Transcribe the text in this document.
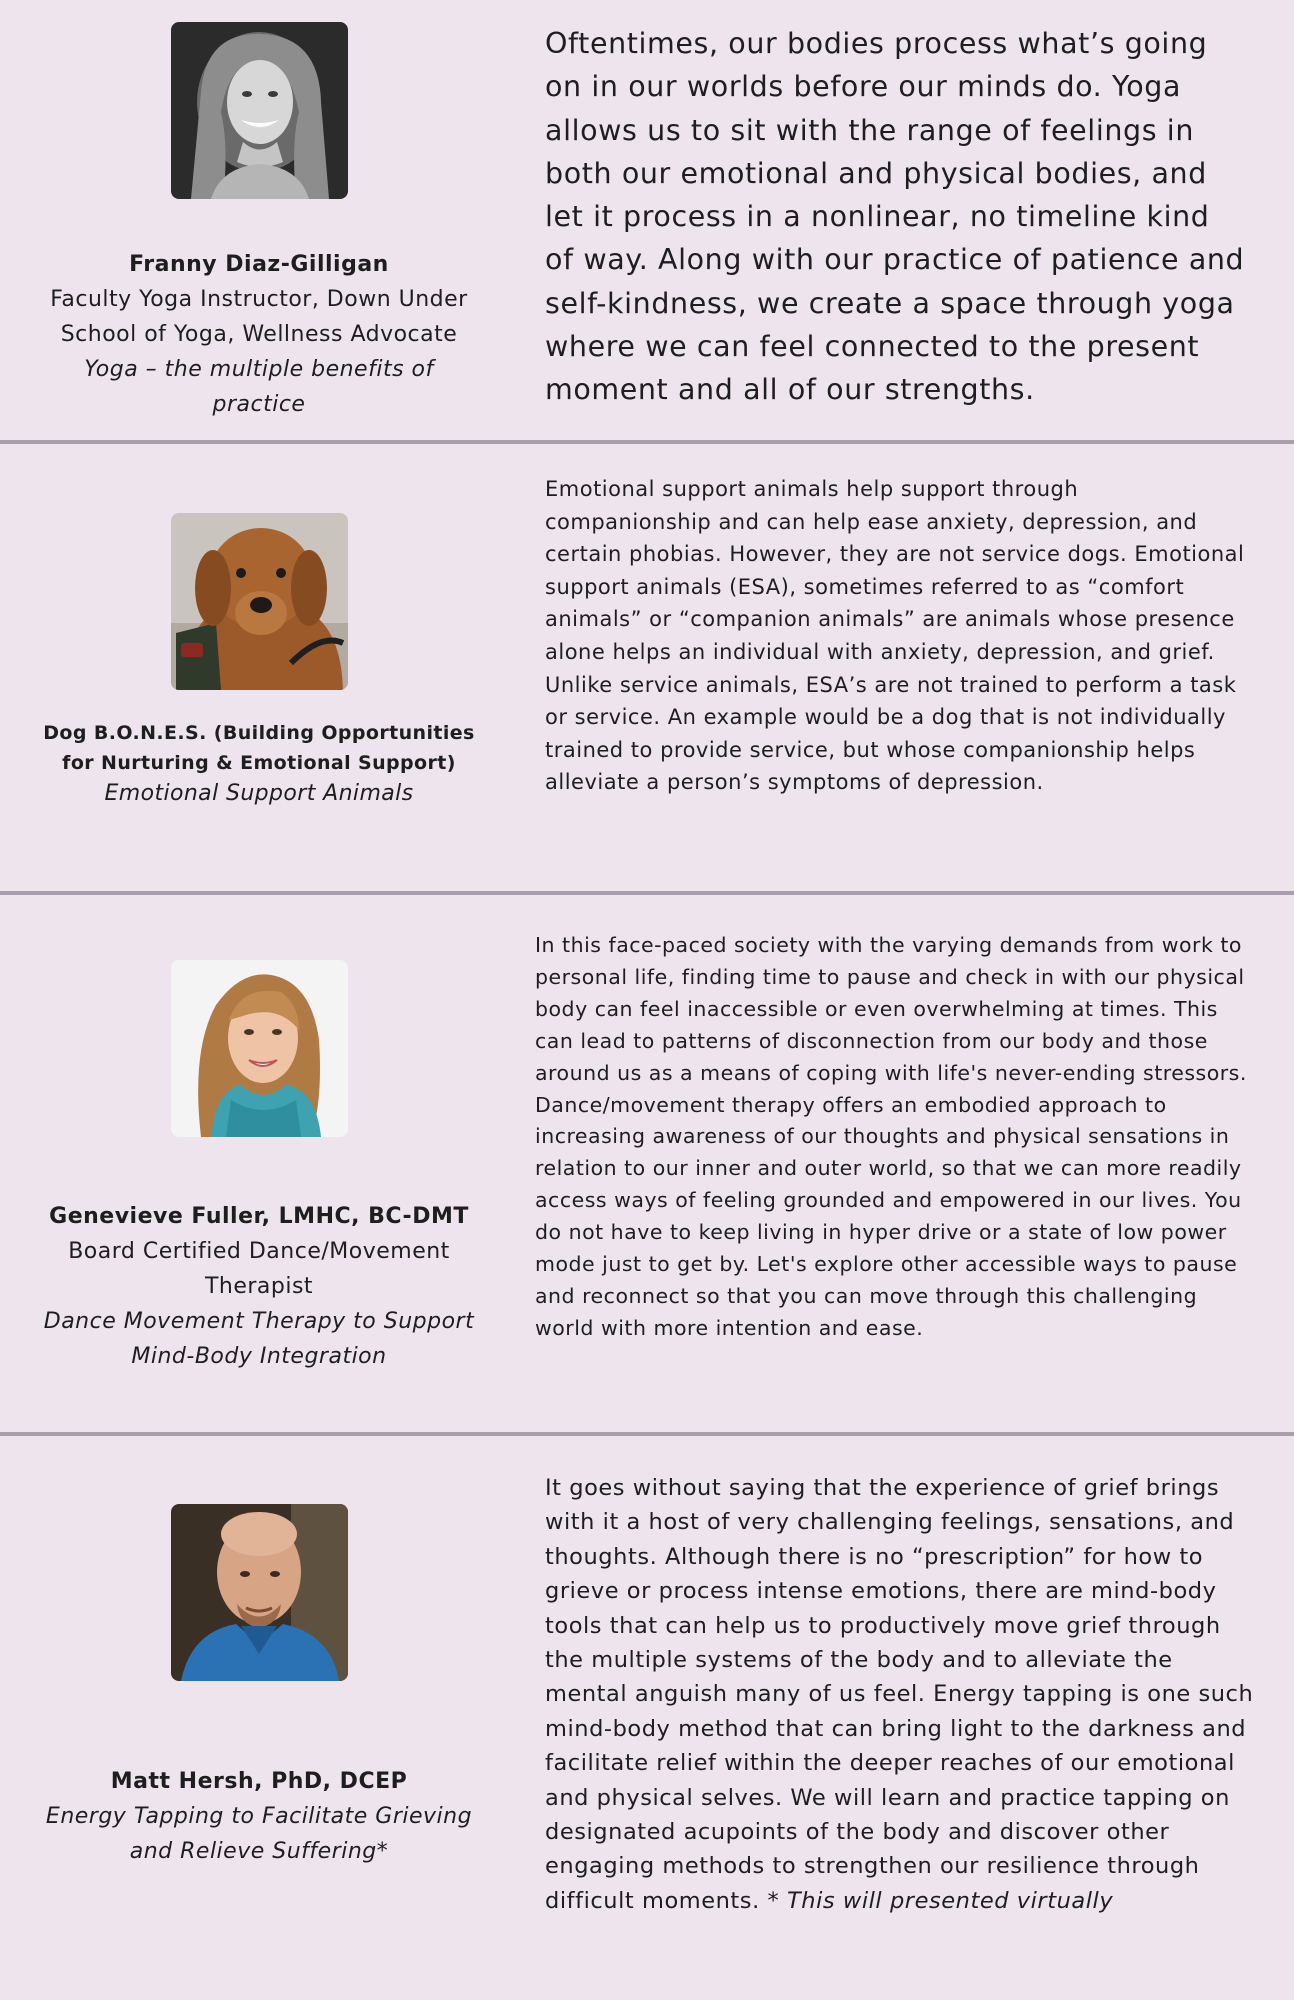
Franny Diaz-Gilligan
Faculty Yoga Instructor, Down Under School of Yoga, Wellness Advocate
Yoga – the multiple benefits of practice
Oftentimes, our bodies process what’s going on in our worlds before our minds do. Yoga allows us to sit with the range of feelings in both our emotional and physical bodies, and let it process in a nonlinear, no timeline kind of way. Along with our practice of patience and self-kindness, we create a space through yoga where we can feel connected to the present moment and all of our strengths.
Dog B.O.N.E.S. (Building Opportunities for Nurturing & Emotional Support)
Emotional Support Animals
Emotional support animals help support through companionship and can help ease anxiety, depression, and certain phobias. However, they are not service dogs. Emotional support animals (ESA), sometimes referred to as “comfort animals” or “companion animals” are animals whose presence alone helps an individual with anxiety, depression, and grief. Unlike service animals, ESA’s are not trained to perform a task or service. An example would be a dog that is not individually trained to provide service, but whose companionship helps alleviate a person’s symptoms of depression.
Genevieve Fuller, LMHC, BC-DMT
Board Certified Dance/Movement Therapist
Dance Movement Therapy to Support Mind-Body Integration
In this face-paced society with the varying demands from work to personal life, finding time to pause and check in with our physical body can feel inaccessible or even overwhelming at times. This can lead to patterns of disconnection from our body and those around us as a means of coping with life's never-ending stressors. Dance/movement therapy offers an embodied approach to increasing awareness of our thoughts and physical sensations in relation to our inner and outer world, so that we can more readily access ways of feeling grounded and empowered in our lives. You do not have to keep living in hyper drive or a state of low power mode just to get by. Let's explore other accessible ways to pause and reconnect so that you can move through this challenging world with more intention and ease.
Matt Hersh, PhD, DCEP
Energy Tapping to Facilitate Grieving and Relieve Suffering*
It goes without saying that the experience of grief brings with it a host of very challenging feelings, sensations, and thoughts. Although there is no “prescription” for how to grieve or process intense emotions, there are mind-body tools that can help us to productively move grief through the multiple systems of the body and to alleviate the mental anguish many of us feel. Energy tapping is one such mind-body method that can bring light to the darkness and facilitate relief within the deeper reaches of our emotional and physical selves. We will learn and practice tapping on designated acupoints of the body and discover other engaging methods to strengthen our resilience through difficult moments. * This will presented virtually
